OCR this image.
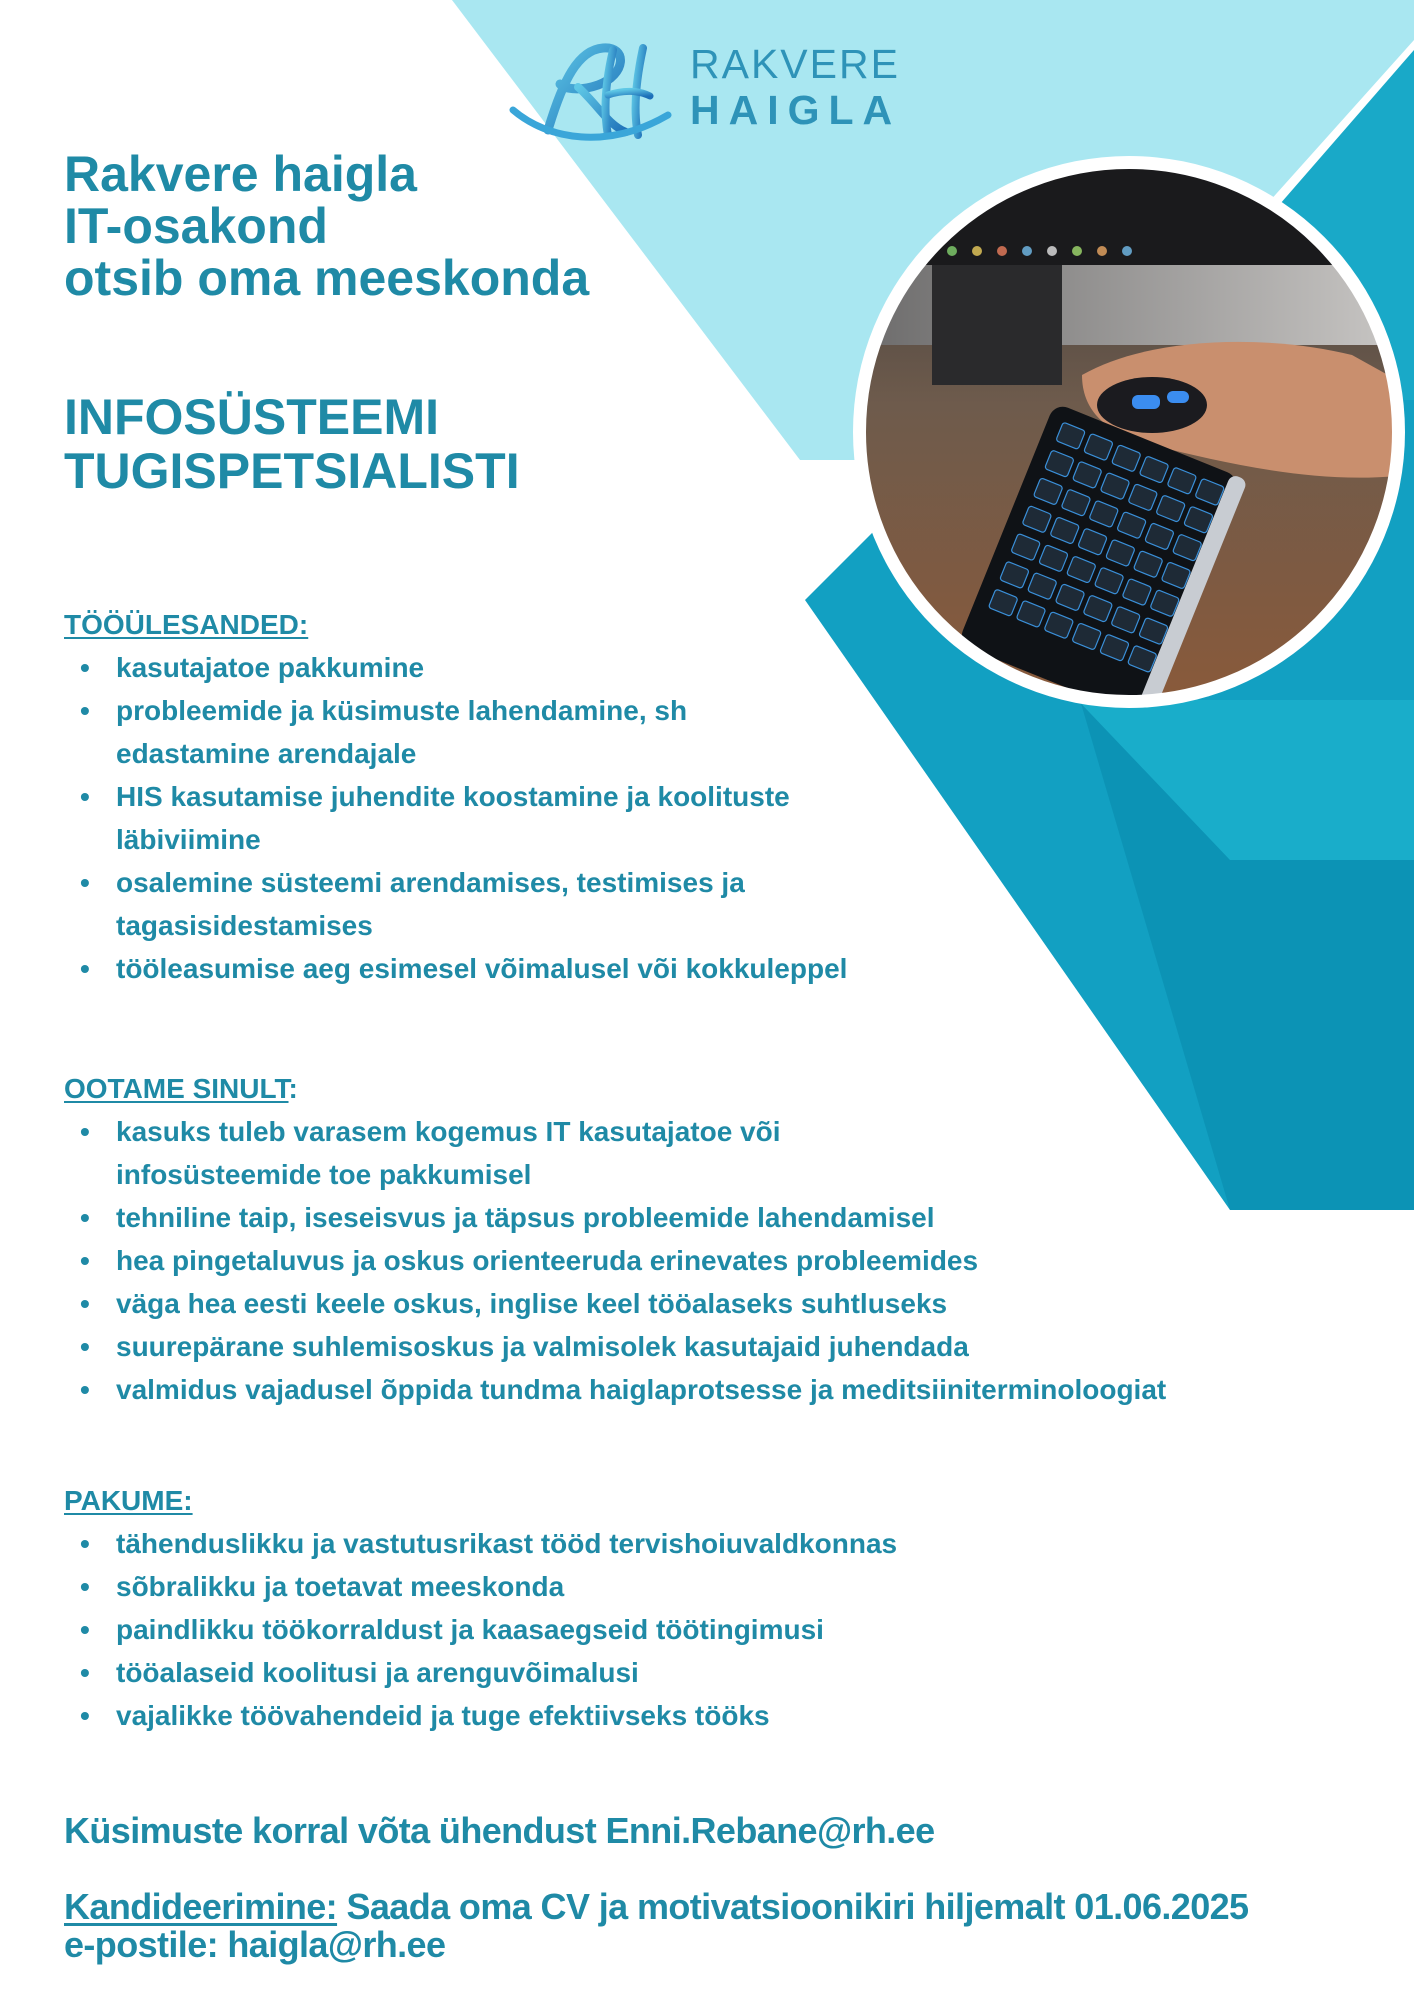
RAKVERE
HAIGLA
Rakvere haigla
IT-osakond
otsib oma meeskonda
INFOSÜSTEEMI
TUGISPETSIALISTI

TÖÖÜLESANDED:

• kasutajatoe pakkumine
• probleemide ja küsimuste lahendamine, sh
edastamine arendajale
• HIS kasutamise juhendite koostamine ja koolituste
läbiviimine
• osalemine süsteemi arendamises, testimises ja
tagasisidestamises
• tööleasumise aeg esimesel võimalusel või kokkuleppel

OOTAME SINULT:

• kasuks tuleb varasem kogemus IT kasutajatoe või
infosüsteemide toe pakkumisel
• tehniline taip, iseseisvus ja täpsus probleemide lahendamisel
• hea pingetaluvus ja oskus orienteeruda erinevates probleemides
• väga hea eesti keele oskus, inglise keel tööalaseks suhtluseks
• suurepärane suhlemisoskus ja valmisolek kasutajaid juhendada
• valmidus vajadusel õppida tundma haiglaprotsesse ja meditsiiniterminoloogiat

PAKUME:

• tähenduslikku ja vastutusrikast tööd tervishoiuvaldkonnas
• sõbralikku ja toetavat meeskonda
• paindlikku töökorraldust ja kaasaegseid töötingimusi
• tööalaseid koolitusi ja arenguvõimalusi
• vajalikke töövahendeid ja tuge efektiivseks tööks
Küsimuste korral võta ühendust Enni.Rebane@rh.ee
Kandideerimine: Saada oma CV ja motivatsioonikiri hiljemalt 01.06.2025
e-postile: haigla@rh.ee
